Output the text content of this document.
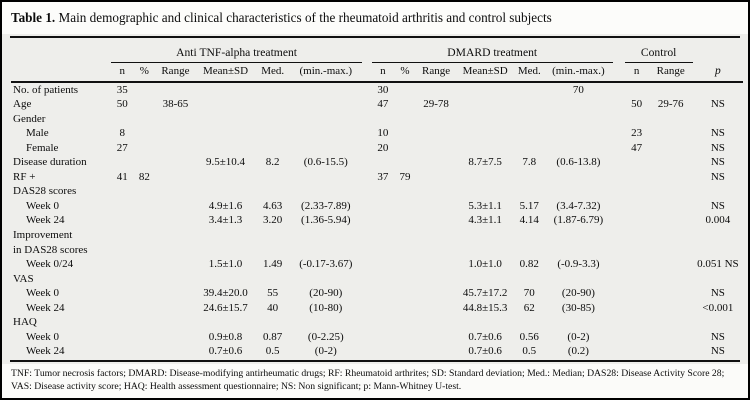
Table 1. Main demographic and clinical characteristics of the rheumatoid arthritis and control subjects
	Anti TNF-alpha treatment							DMARD treatment							Control		
	n	%	Range	Mean±SD	Med.	(min.-max.)		n	%	Range	Mean±SD	Med.	(min.-max.)		n	Range	p
No. of patients	35							30					70				
Age	50		38-65					47		29-78					50	29-76	NS
Gender																	
Male	8							10							23		NS
Female	27							20							47		NS
Disease duration				9.5±10.4	8.2	(0.6-15.5)					8.7±7.5	7.8	(0.6-13.8)				NS
RF +	41	82						37	79								NS
DAS28 scores																	
Week 0				4.9±1.6	4.63	(2.33-7.89)					5.3±1.1	5.17	(3.4-7.32)				NS
Week 24				3.4±1.3	3.20	(1.36-5.94)					4.3±1.1	4.14	(1.87-6.79)				0.004
Improvement																	
in DAS28 scores																	
Week 0/24				1.5±1.0	1.49	(-0.17-3.67)					1.0±1.0	0.82	(-0.9-3.3)				0.051 NS
VAS																	
Week 0				39.4±20.0	55	(20-90)					45.7±17.2	70	(20-90)				NS
Week 24				24.6±15.7	40	(10-80)					44.8±15.3	62	(30-85)				<0.001
HAQ																	
Week 0				0.9±0.8	0.87	(0-2.25)					0.7±0.6	0.56	(0-2)				NS
Week 24				0.7±0.6	0.5	(0-2)					0.7±0.6	0.5	(0.2)				NS
TNF: Tumor necrosis factors; DMARD: Disease-modifying antirheumatic drugs; RF: Rheumatoid arthrites; SD: Standard deviation; Med.: Median; DAS28: Disease Activity Score 28; VAS: Disease activity score; HAQ: Health assessment questionnaire; NS: Non significant; p: Mann-Whitney U-test.
